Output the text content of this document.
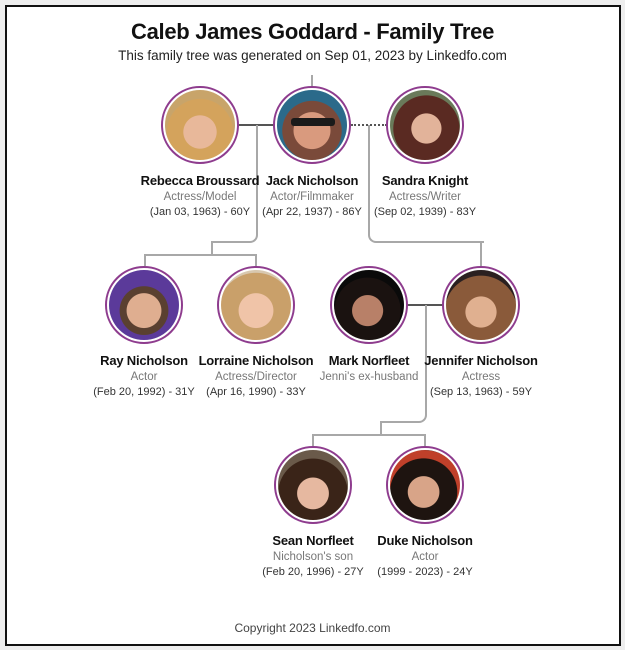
Caleb James Goddard - Family Tree
This family tree was generated on Sep 01, 2023 by Linkedfo.com
Rebecca Broussard
Actress/Model
(Jan 03, 1963) - 60Y
Jack Nicholson
Actor/Filmmaker
(Apr 22, 1937) - 86Y
Sandra Knight
Actress/Writer
(Sep 02, 1939) - 83Y
Ray Nicholson
Actor
(Feb 20, 1992) - 31Y
Lorraine Nicholson
Actress/Director
(Apr 16, 1990) - 33Y
Mark Norfleet
Jenni's ex-husband
Jennifer Nicholson
Actress
(Sep 13, 1963) - 59Y
Sean Norfleet
Nicholson's son
(Feb 20, 1996) - 27Y
Duke Nicholson
Actor
(1999 - 2023) - 24Y
Copyright 2023 Linkedfo.com
